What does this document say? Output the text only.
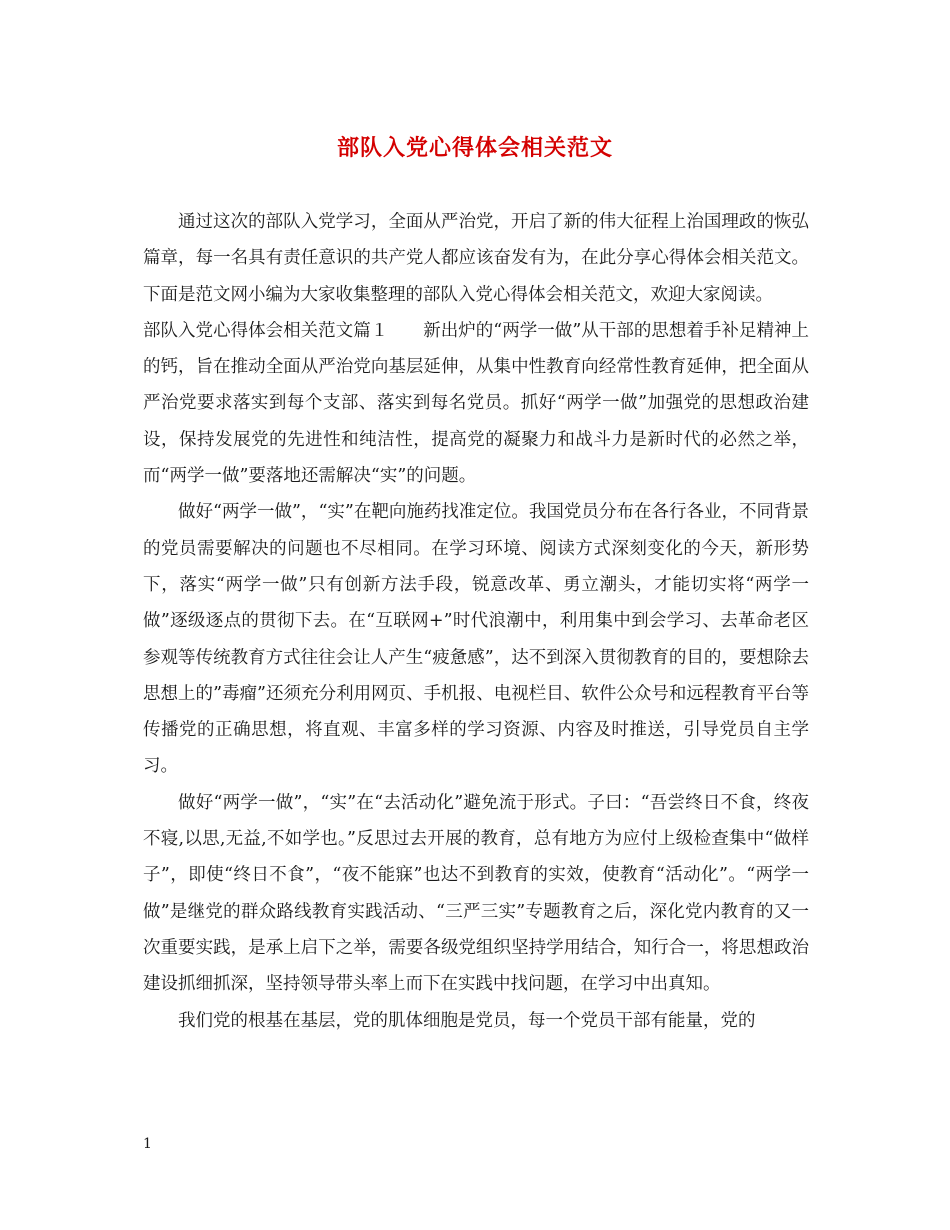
部队入党心得体会相关范文

通过这次的部队入党学习，全面从严治党，开启了新的伟大征程上治国理政的恢弘篇章，每一名具有责任意识的共产党人都应该奋发有为，在此分享心得体会相关范文。下面是范文网小编为大家收集整理的部队入党心得体会相关范文，欢迎大家阅读。

部队入党心得体会相关范文篇１ 新出炉的“两学一做”从干部的思想着手补足精神上的钙，旨在推动全面从严治党向基层延伸，从集中性教育向经常性教育延伸，把全面从严治党要求落实到每个支部、落实到每名党员。抓好“两学一做”加强党的思想政治建设，保持发展党的先进性和纯洁性，提高党的凝聚力和战斗力是新时代的必然之举，而“两学一做”要落地还需解决“实”的问题。

做好“两学一做”，“实”在靶向施药找准定位。我国党员分布在各行各业，不同背景的党员需要解决的问题也不尽相同。在学习环境、阅读方式深刻变化的今天，新形势下，落实“两学一做”只有创新方法手段，锐意改革、勇立潮头，才能切实将“两学一做”逐级逐点的贯彻下去。在“互联网+”时代浪潮中，利用集中到会学习、去革命老区参观等传统教育方式往往会让人产生“疲惫感”，达不到深入贯彻教育的目的，要想除去思想上的”毒瘤”还须充分利用网页、手机报、电视栏目、软件公众号和远程教育平台等传播党的正确思想，将直观、丰富多样的学习资源、内容及时推送，引导党员自主学习。

做好“两学一做”，“实”在“去活动化”避免流于形式。子曰：“吾尝终日不食，终夜不寝,以思,无益,不如学也。”反思过去开展的教育，总有地方为应付上级检查集中“做样子”，即使“终日不食”，“夜不能寐”也达不到教育的实效，使教育“活动化”。“两学一做”是继党的群众路线教育实践活动、“三严三实”专题教育之后，深化党内教育的又一次重要实践，是承上启下之举，需要各级党组织坚持学用结合，知行合一，将思想政治建设抓细抓深，坚持领导带头率上而下在实践中找问题，在学习中出真知。

我们党的根基在基层，党的肌体细胞是党员，每一个党员干部有能量，党的

1
